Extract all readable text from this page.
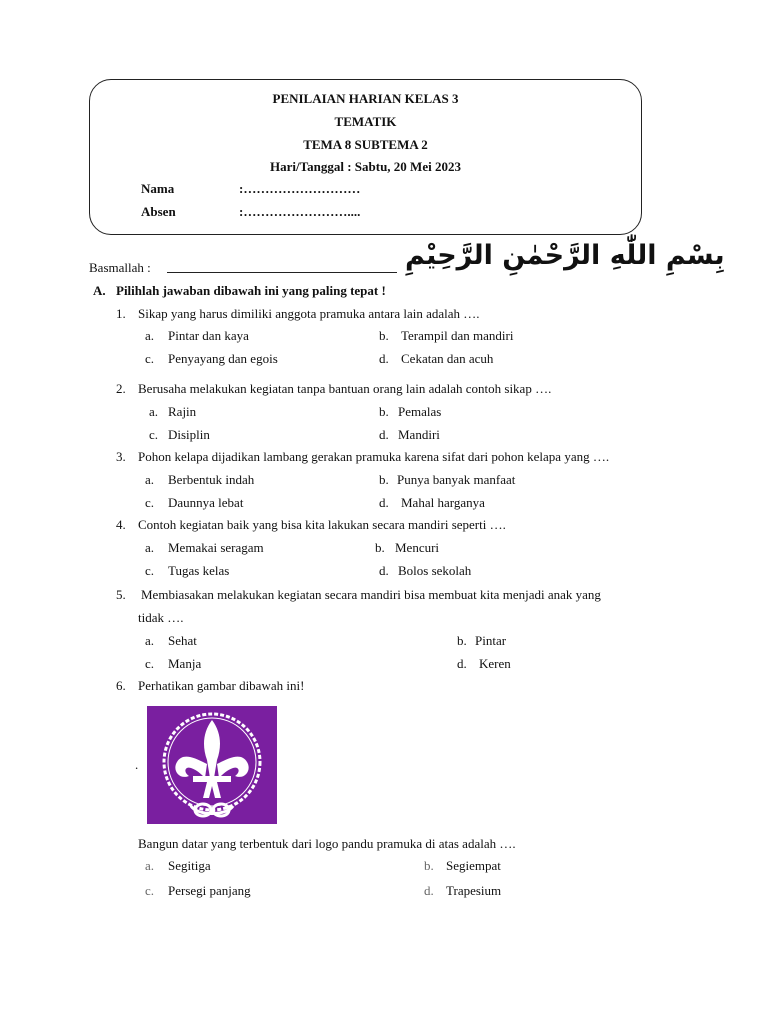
PENILAIAN HARIAN KELAS 3
TEMATIK
TEMA 8 SUBTEMA 2
Hari/Tanggal : Sabtu, 20 Mei 2023
Nama	:………………………
Absen	:……………………....
Basmallah :	بِسْمِ اللّٰهِ الرَّحْمٰنِ الرَّحِيْمِ
A. Pilihlah jawaban dibawah ini yang paling tepat !
1. Sikap yang harus dimiliki anggota pramuka antara lain adalah ….
a. Pintar dan kaya	b. Terampil dan mandiri
c. Penyayang dan egois	d. Cekatan dan acuh
2. Berusaha melakukan kegiatan tanpa bantuan orang lain adalah contoh sikap ….
a. Rajin	b. Pemalas
c. Disiplin	d. Mandiri
3. Pohon kelapa dijadikan lambang gerakan pramuka karena sifat dari pohon kelapa yang ….
a. Berbentuk indah	b. Punya banyak manfaat
c. Daunnya lebat	d. Mahal harganya
4. Contoh kegiatan baik yang bisa kita lakukan secara mandiri seperti ….
a. Memakai seragam	b. Mencuri
c. Tugas kelas	d. Bolos sekolah
5. Membiasakan melakukan kegiatan secara mandiri bisa membuat kita menjadi anak yang
tidak ….
a. Sehat	b. Pintar
c. Manja	d. Keren
6. Perhatikan gambar dibawah ini!
.
Bangun datar yang terbentuk dari logo pandu pramuka di atas adalah ….
a. Segitiga	b. Segiempat
c. Persegi panjang	d. Trapesium
